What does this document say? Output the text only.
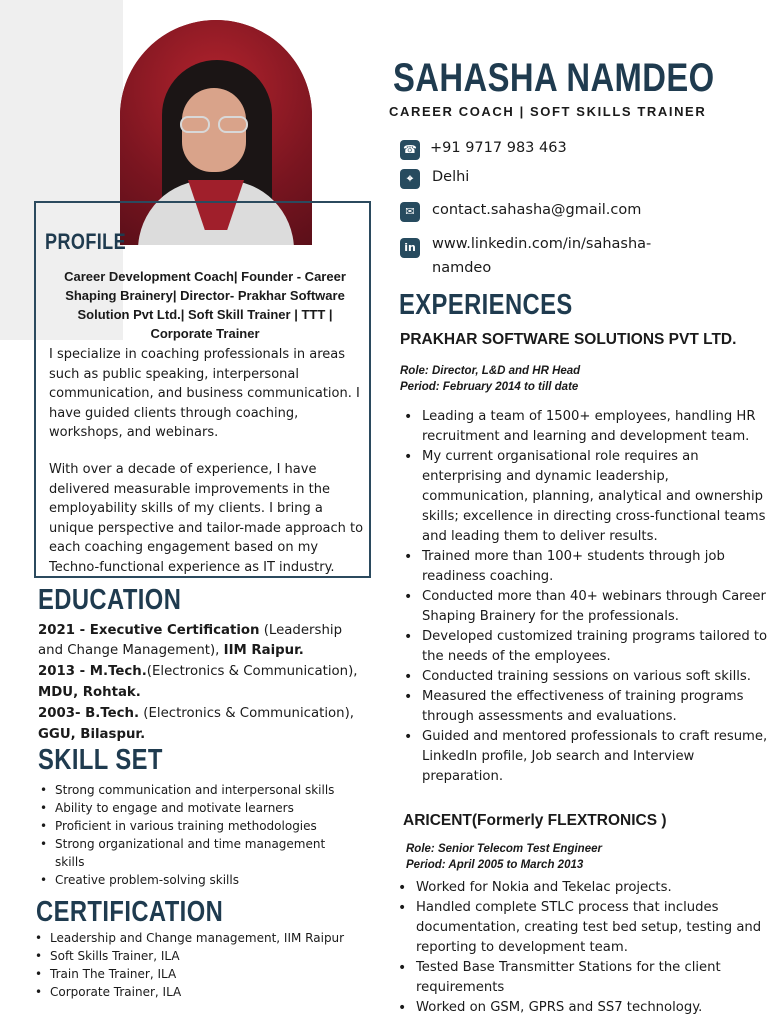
SAHASHA NAMDEO
CAREER COACH | SOFT SKILLS TRAINER
☎ +91 9717 983 463
⌖	Delhi
✉	contact.sahasha@gmail.com
in www.linkedin.com/in/sahasha-
namdeo
PROFILE
Career Development Coach| Founder - Career Shaping Brainery| Director- Prakhar Software Solution Pvt Ltd.| Soft Skill Trainer | TTT | Corporate Trainer
I specialize in coaching professionals in areas such as public speaking, interpersonal communication, and business communication. I have guided clients through coaching, workshops, and webinars.
With over a decade of experience, I have delivered measurable improvements in the employability skills of my clients. I bring a unique perspective and tailor-made approach to each coaching engagement based on my Techno-functional experience as IT industry.
EDUCATION
2021 - Executive Certification (Leadership
and Change Management), IIM Raipur.
2013 - M.Tech.(Electronics & Communication),
MDU, Rohtak.
2003- B.Tech. (Electronics & Communication),
GGU, Bilaspur.
SKILL SET
• Strong communication and interpersonal skills
• Ability to engage and motivate learners
• Proficient in various training methodologies
• Strong organizational and time management skills
• Creative problem-solving skills
CERTIFICATION
• Leadership and Change management, IIM Raipur
• Soft Skills Trainer, ILA
• Train The Trainer, ILA
• Corporate Trainer, ILA
EXPERIENCES
PRAKHAR SOFTWARE SOLUTIONS PVT LTD.
Role: Director, L&D and HR Head
Period: February 2014 to till date
• Leading a team of 1500+ employees, handling HR recruitment and learning and development team.
• My current organisational role requires an enterprising and dynamic leadership, communication, planning, analytical and ownership skills; excellence in directing cross-functional teams and leading them to deliver results.
• Trained more than 100+ students through job readiness coaching.
• Conducted more than 40+ webinars through Career Shaping Brainery for the professionals.
• Developed customized training programs tailored to the needs of the employees.
• Conducted training sessions on various soft skills.
• Measured the effectiveness of training programs through assessments and evaluations.
• Guided and mentored professionals to craft resume, LinkedIn profile, Job search and Interview preparation.
ARICENT(Formerly FLEXTRONICS )
Role: Senior Telecom Test Engineer
Period: April 2005 to March 2013
• Worked for Nokia and Tekelac projects.
• Handled complete STLC process that includes documentation, creating test bed setup, testing and reporting to development team.
• Tested Base Transmitter Stations for the client requirements
• Worked on GSM, GPRS and SS7 technology.
